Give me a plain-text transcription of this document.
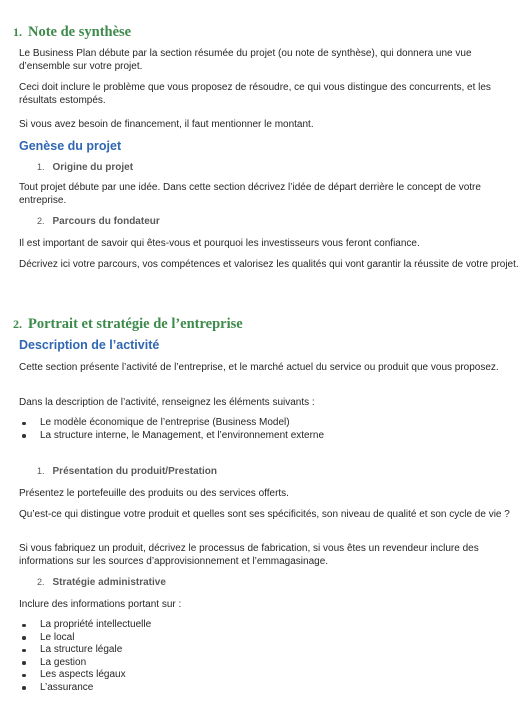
1. Note de synthèse
Le Business Plan débute par la section résumée du projet (ou note de synthèse), qui donnera une vue d’ensemble sur votre projet.
Ceci doit inclure le problème que vous proposez de résoudre, ce qui vous distingue des concurrents, et les résultats estompés.
Si vous avez besoin de financement, il faut mentionner le montant.
Genèse du projet
1. Origine du projet
Tout projet débute par une idée. Dans cette section décrivez l’idée de départ derrière le concept de votre entreprise.
2. Parcours du fondateur
Il est important de savoir qui êtes-vous et pourquoi les investisseurs vous feront confiance.
Décrivez ici votre parcours, vos compétences et valorisez les qualités qui vont garantir la réussite de votre projet.
2. Portrait et stratégie de l’entreprise
Description de l’activité
Cette section présente l’activité de l’entreprise, et le marché actuel du service ou produit que vous proposez.
Dans la description de l’activité, renseignez les éléments suivants :
Le modèle économique de l’entreprise (Business Model)
La structure interne, le Management, et l’environnement externe
1. Présentation du produit/Prestation
Présentez le portefeuille des produits ou des services offerts.
Qu’est-ce qui distingue votre produit et quelles sont ses spécificités, son niveau de qualité et son cycle de vie ?
Si vous fabriquez un produit, décrivez le processus de fabrication, si vous êtes un revendeur inclure des informations sur les sources d’approvisionnement et l’emmagasinage.
2. Stratégie administrative
Inclure des informations portant sur :
La propriété intellectuelle
Le local
La structure légale
La gestion
Les aspects légaux
L’assurance
